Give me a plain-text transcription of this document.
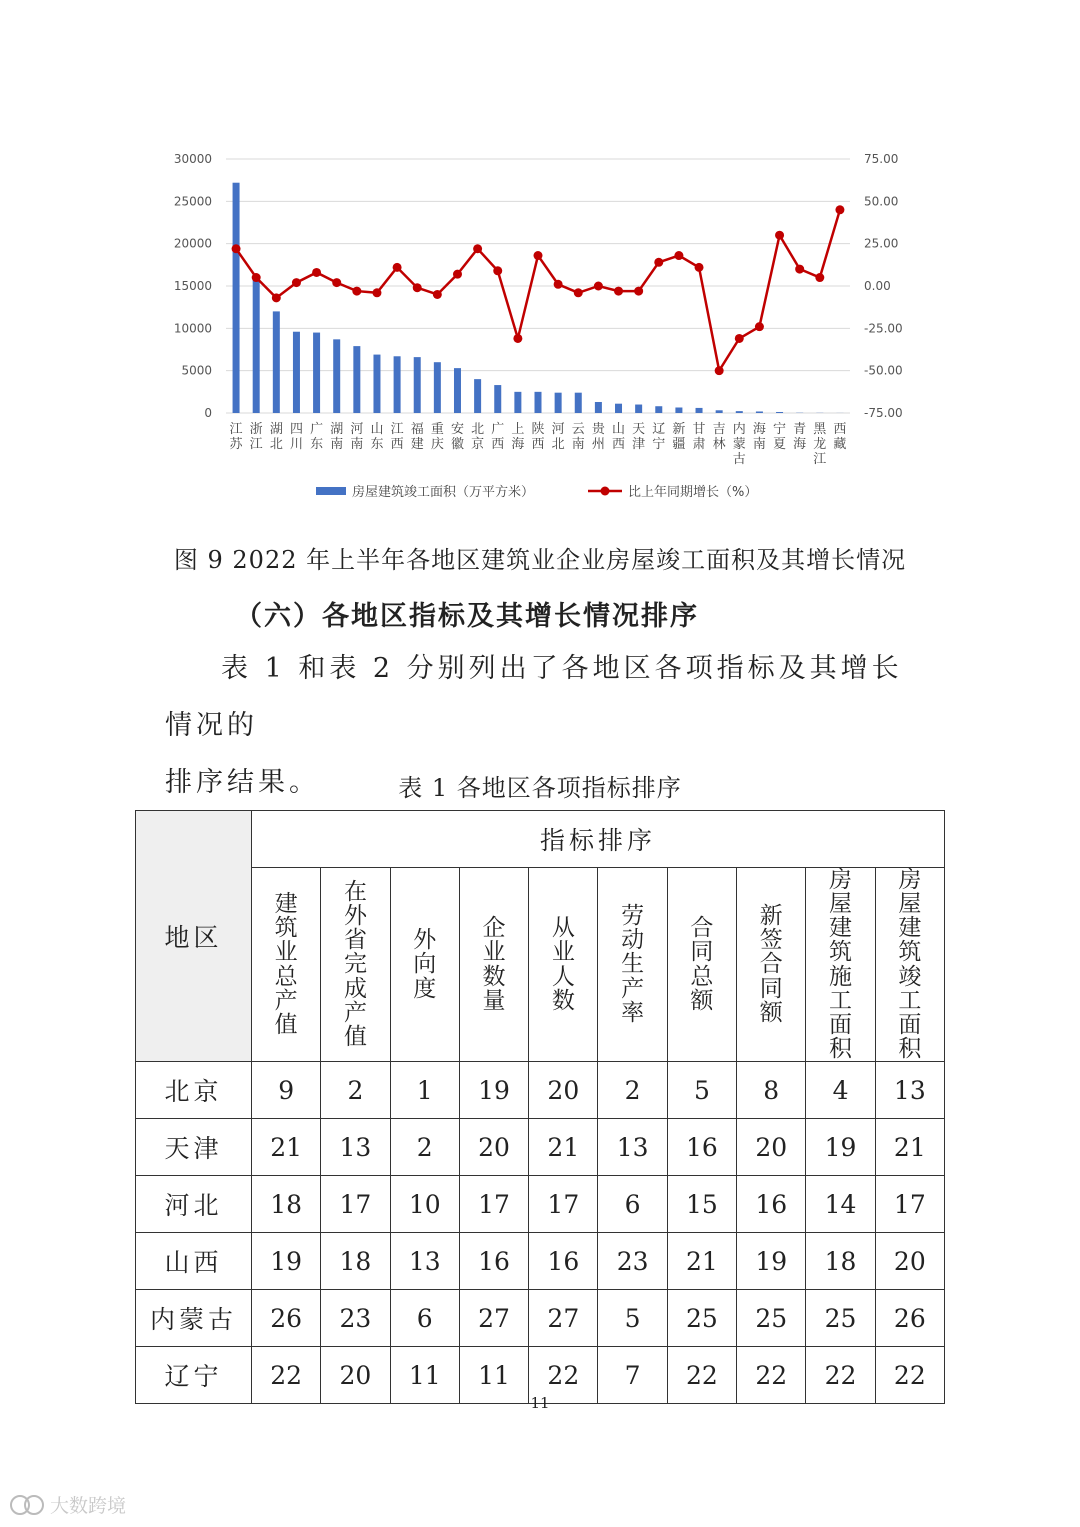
0
5000
10000
15000
20000
25000
30000
-75.00
-50.00
-25.00
0.00
25.00
50.00
75.00
江
苏
浙
江
湖
北
四
川
广
东
湖
南
河
南
山
东
江
西
福
建
重
庆
安
徽
北
京
广
西
上
海
陕
西
河
北
云
南
贵
州
山
西
天
津
辽
宁
新
疆
甘
肃
吉
林
内
蒙
古
海
南
宁
夏
青
海
黑
龙
江
西
藏
房屋建筑竣工面积（万平方米）	比上年同期增长（%）
图 9 2022 年上半年各地区建筑业企业房屋竣工面积及其增长情况
（六）各地区指标及其增长情况排序
表 1 和表 2 分别列出了各地区各项指标及其增长情况的
排序结果。	表 1 各地区各项指标排序
地区	指标排序									
	建筑业总产值	在外省完成产值	外向度	企业数量	从业人数	劳动生产率	合同总额	新签合同额	房屋建筑施工面积	房屋建筑竣工面积
北京	9	2	1	19	20	2	5	8	4	13
天津	21	13	2	20	21	13	16	20	19	21
河北	18	17	10	17	17	6	15	16	14	17
山西	19	18	13	16	16	23	21	19	18	20
内蒙古	26	23	6	27	27	5	25	25	25	26
辽宁	22	20	11	11	22	7	22	22	22	22
11
大数跨境
